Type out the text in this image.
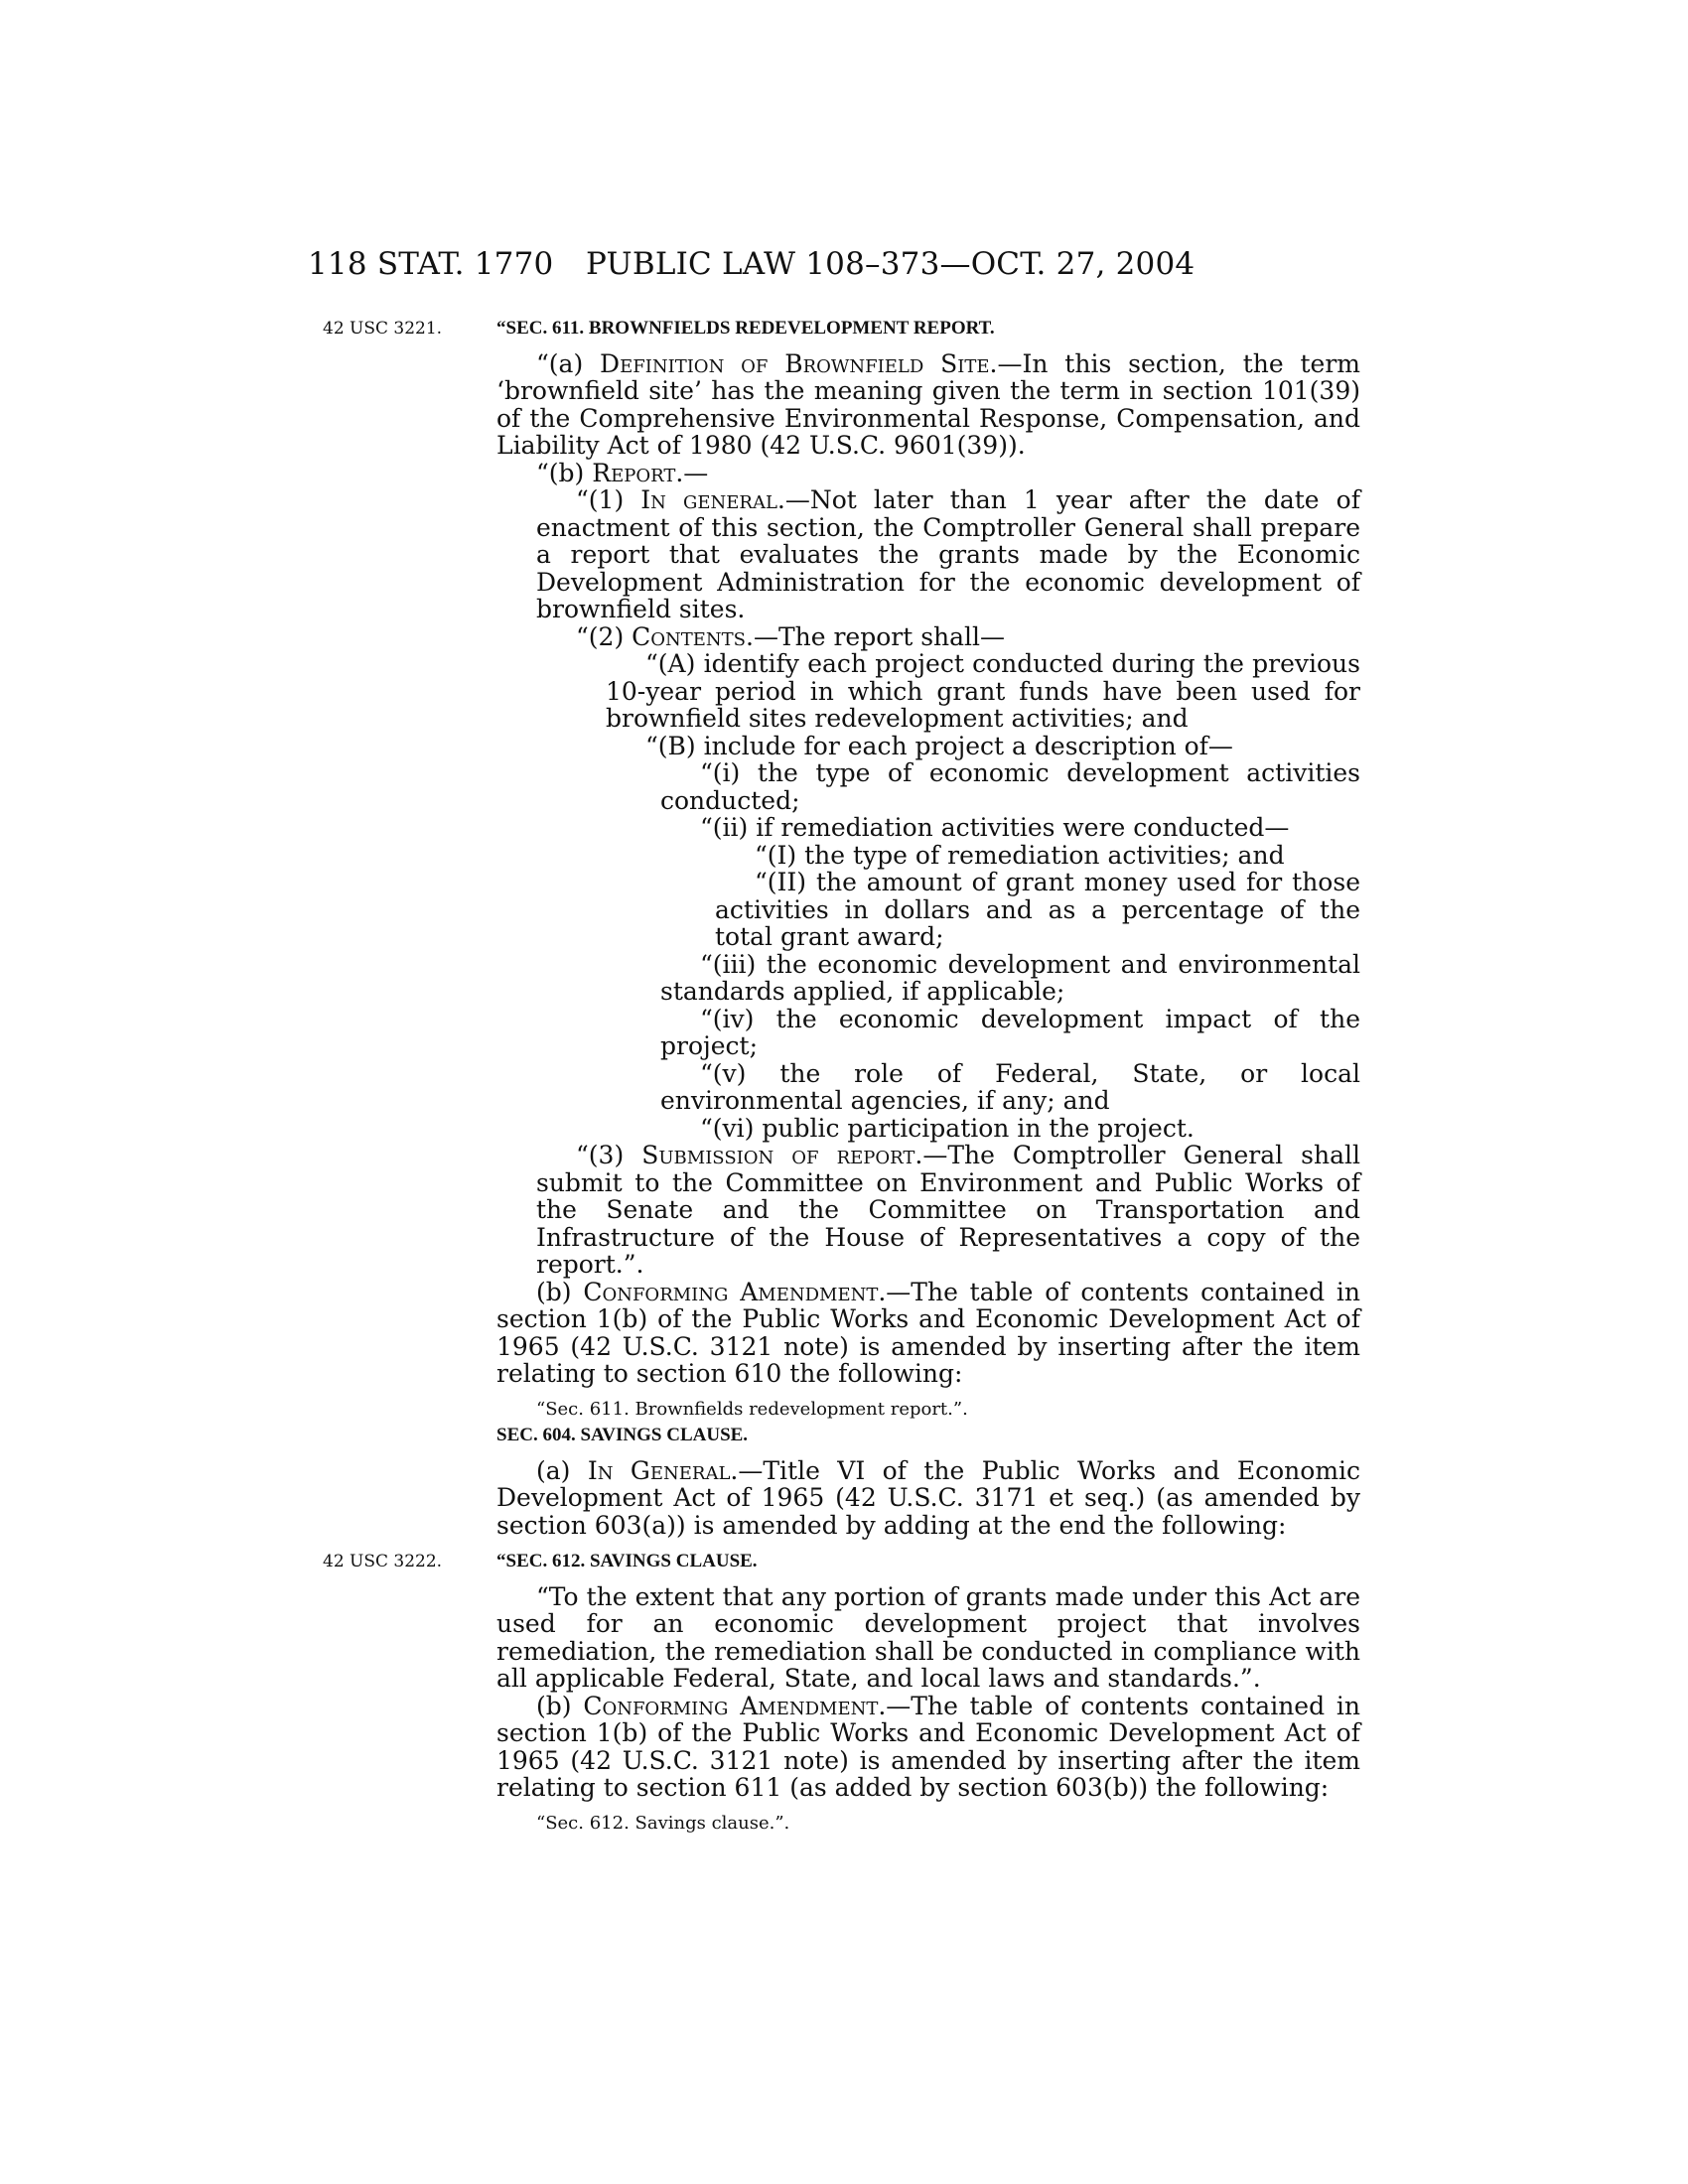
118 STAT. 1770 PUBLIC LAW 108–373—OCT. 27, 2004
42 USC 3221.
42 USC 3222.

“SEC. 611. BROWNFIELDS REDEVELOPMENT REPORT.

“(a) Definition of Brownfield Site.—In this section, the term ‘brownfield site’ has the meaning given the term in section 101(39) of the Comprehensive Environmental Response, Compensation, and Liability Act of 1980 (42 U.S.C. 9601(39)).

“(b) Report.—

“(1) In general.—Not later than 1 year after the date of enactment of this section, the Comptroller General shall prepare a report that evaluates the grants made by the Economic Development Administration for the economic development of brownfield sites.

“(2) Contents.—The report shall—

“(A) identify each project conducted during the previous 10-year period in which grant funds have been used for brownfield sites redevelopment activities; and

“(B) include for each project a description of—

“(i) the type of economic development activities conducted;

“(ii) if remediation activities were conducted—

“(I) the type of remediation activities; and

“(II) the amount of grant money used for those activities in dollars and as a percentage of the total grant award;

“(iii) the economic development and environmental standards applied, if applicable;

“(iv) the economic development impact of the project;

“(v) the role of Federal, State, or local environmental agencies, if any; and

“(vi) public participation in the project.

“(3) Submission of report.—The Comptroller General shall submit to the Committee on Environment and Public Works of the Senate and the Committee on Transportation and Infrastructure of the House of Representatives a copy of the report.”.

(b) Conforming Amendment.—The table of contents contained in section 1(b) of the Public Works and Economic Development Act of 1965 (42 U.S.C. 3121 note) is amended by inserting after the item relating to section 610 the following:

“Sec. 611. Brownfields redevelopment report.”.

SEC. 604. SAVINGS CLAUSE.

(a) In General.—Title VI of the Public Works and Economic Development Act of 1965 (42 U.S.C. 3171 et seq.) (as amended by section 603(a)) is amended by adding at the end the following:

“SEC. 612. SAVINGS CLAUSE.

“To the extent that any portion of grants made under this Act are used for an economic development project that involves remediation, the remediation shall be conducted in compliance with all applicable Federal, State, and local laws and standards.”.

(b) Conforming Amendment.—The table of contents contained in section 1(b) of the Public Works and Economic Development Act of 1965 (42 U.S.C. 3121 note) is amended by inserting after the item relating to section 611 (as added by section 603(b)) the following:

“Sec. 612. Savings clause.”.
